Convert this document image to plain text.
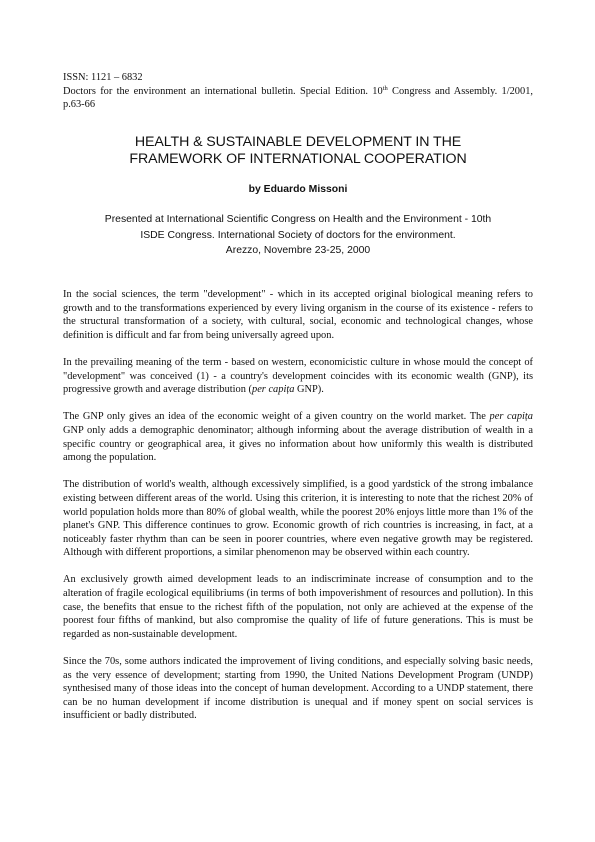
ISSN: 1121 – 6832

Doctors for the environment an international bulletin. Special Edition. 10th Congress and Assembly. 1/2001, p.63-66

HEALTH & SUSTAINABLE DEVELOPMENT IN THE
FRAMEWORK OF INTERNATIONAL COOPERATION
by Eduardo Missoni
Presented at International Scientific Congress on Health and the Environment - 10th
ISDE Congress. International Society of doctors for the environment.
Arezzo, Novembre 23-25, 2000

In the social sciences, the term "development" - which in its accepted original biological meaning refers to growth and to the transformations experienced by every living organism in the course of its existence - refers to the structural transformation of a society, with cultural, social, economic and technological changes, whose definition is difficult and far from being universally agreed upon.

In the prevailing meaning of the term - based on western, economicistic culture in whose mould the concept of "development" was conceived (1) - a country's development coincides with its economic wealth (GNP), its progressive growth and average distribution (per capița GNP).

The GNP only gives an idea of the economic weight of a given country on the world market. The per capița GNP only adds a demographic denominator; although informing about the average distribution of wealth in a specific country or geographical area, it gives no information about how uniformly this wealth is distributed among the population.

The distribution of world's wealth, although excessively simplified, is a good yardstick of the strong imbalance existing between different areas of the world. Using this criterion, it is interesting to note that the richest 20% of world population holds more than 80% of global wealth, while the poorest 20% enjoys little more than 1% of the planet's GNP. This difference continues to grow. Economic growth of rich countries is increasing, in fact, at a noticeably faster rhythm than can be seen in poorer countries, where even negative growth may be registered. Although with different proportions, a similar phenomenon may be observed within each country.

An exclusively growth aimed development leads to an indiscriminate increase of consumption and to the alteration of fragile ecological equilibriums (in terms of both impoverishment of resources and pollution). In this case, the benefits that ensue to the richest fifth of the population, not only are achieved at the expense of the poorest four fifths of mankind, but also compromise the quality of life of future generations. This is must be regarded as non-sustainable development.

Since the 70s, some authors indicated the improvement of living conditions, and especially solving basic needs, as the very essence of development; starting from 1990, the United Nations Development Program (UNDP) synthesised many of those ideas into the concept of human development. According to a UNDP statement, there can be no human development if income distribution is unequal and if money spent on social services is insufficient or badly distributed.
